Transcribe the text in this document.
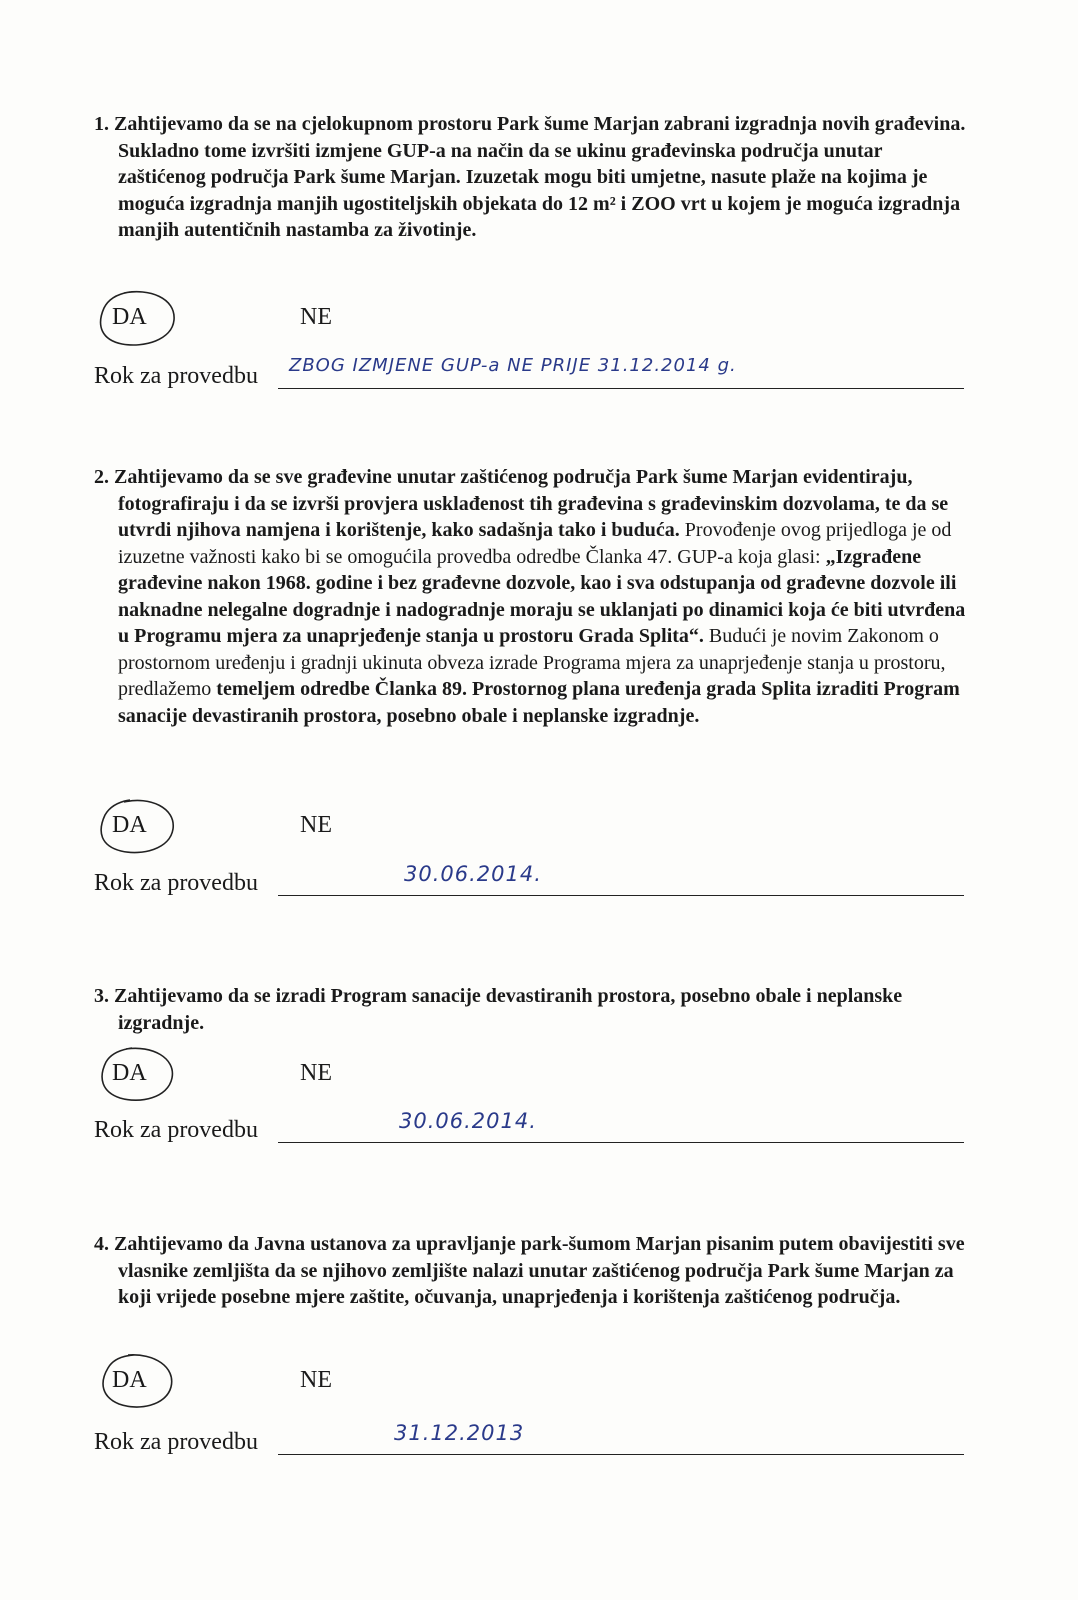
1. Zahtijevamo da se na cjelokupnom prostoru Park šume Marjan zabrani izgradnja novih građevina. Sukladno tome izvršiti izmjene GUP-a na način da se ukinu građevinska područja unutar zaštićenog područja Park šume Marjan. Izuzetak mogu biti umjetne, nasute plaže na kojima je moguća izgradnja manjih ugostiteljskih objekata do 12 m² i ZOO vrt u kojem je moguća izgradnja manjih autentičnih nastamba za životinje.

DA	NE
Rok za provedbu ZBOG IZMJENE GUP-a NE PRIJE 31.12.2014 g.

2. Zahtijevamo da se sve građevine unutar zaštićenog područja Park šume Marjan evidentiraju, fotografiraju i da se izvrši provjera usklađenost tih građevina s građevinskim dozvolama, te da se utvrdi njihova namjena i korištenje, kako sadašnja tako i buduća. Provođenje ovog prijedloga je od izuzetne važnosti kako bi se omogućila provedba odredbe Članka 47. GUP-a koja glasi: „Izgrađene građevine nakon 1968. godine i bez građevne dozvole, kao i sva odstupanja od građevne dozvole ili naknadne nelegalne dogradnje i nadogradnje moraju se uklanjati po dinamici koja će biti utvrđena u Programu mjera za unaprjeđenje stanja u prostoru Grada Splita“. Budući je novim Zakonom o prostornom uređenju i gradnji ukinuta obveza izrade Programa mjera za unaprjeđenje stanja u prostoru, predlažemo temeljem odredbe Članka 89. Prostornog plana uređenja grada Splita izraditi Program sanacije devastiranih prostora, posebno obale i neplanske izgradnje.

DA	NE
Rok za provedbu	30.06.2014.

3. Zahtijevamo da se izradi Program sanacije devastiranih prostora, posebno obale i neplanske izgradnje.

DA	NE
Rok za provedbu	30.06.2014.

4. Zahtijevamo da Javna ustanova za upravljanje park-šumom Marjan pisanim putem obavijestiti sve vlasnike zemljišta da se njihovo zemljište nalazi unutar zaštićenog područja Park šume Marjan za koji vrijede posebne mjere zaštite, očuvanja, unaprjeđenja i korištenja zaštićenog područja.

DA	NE
Rok za provedbu	31.12.2013
